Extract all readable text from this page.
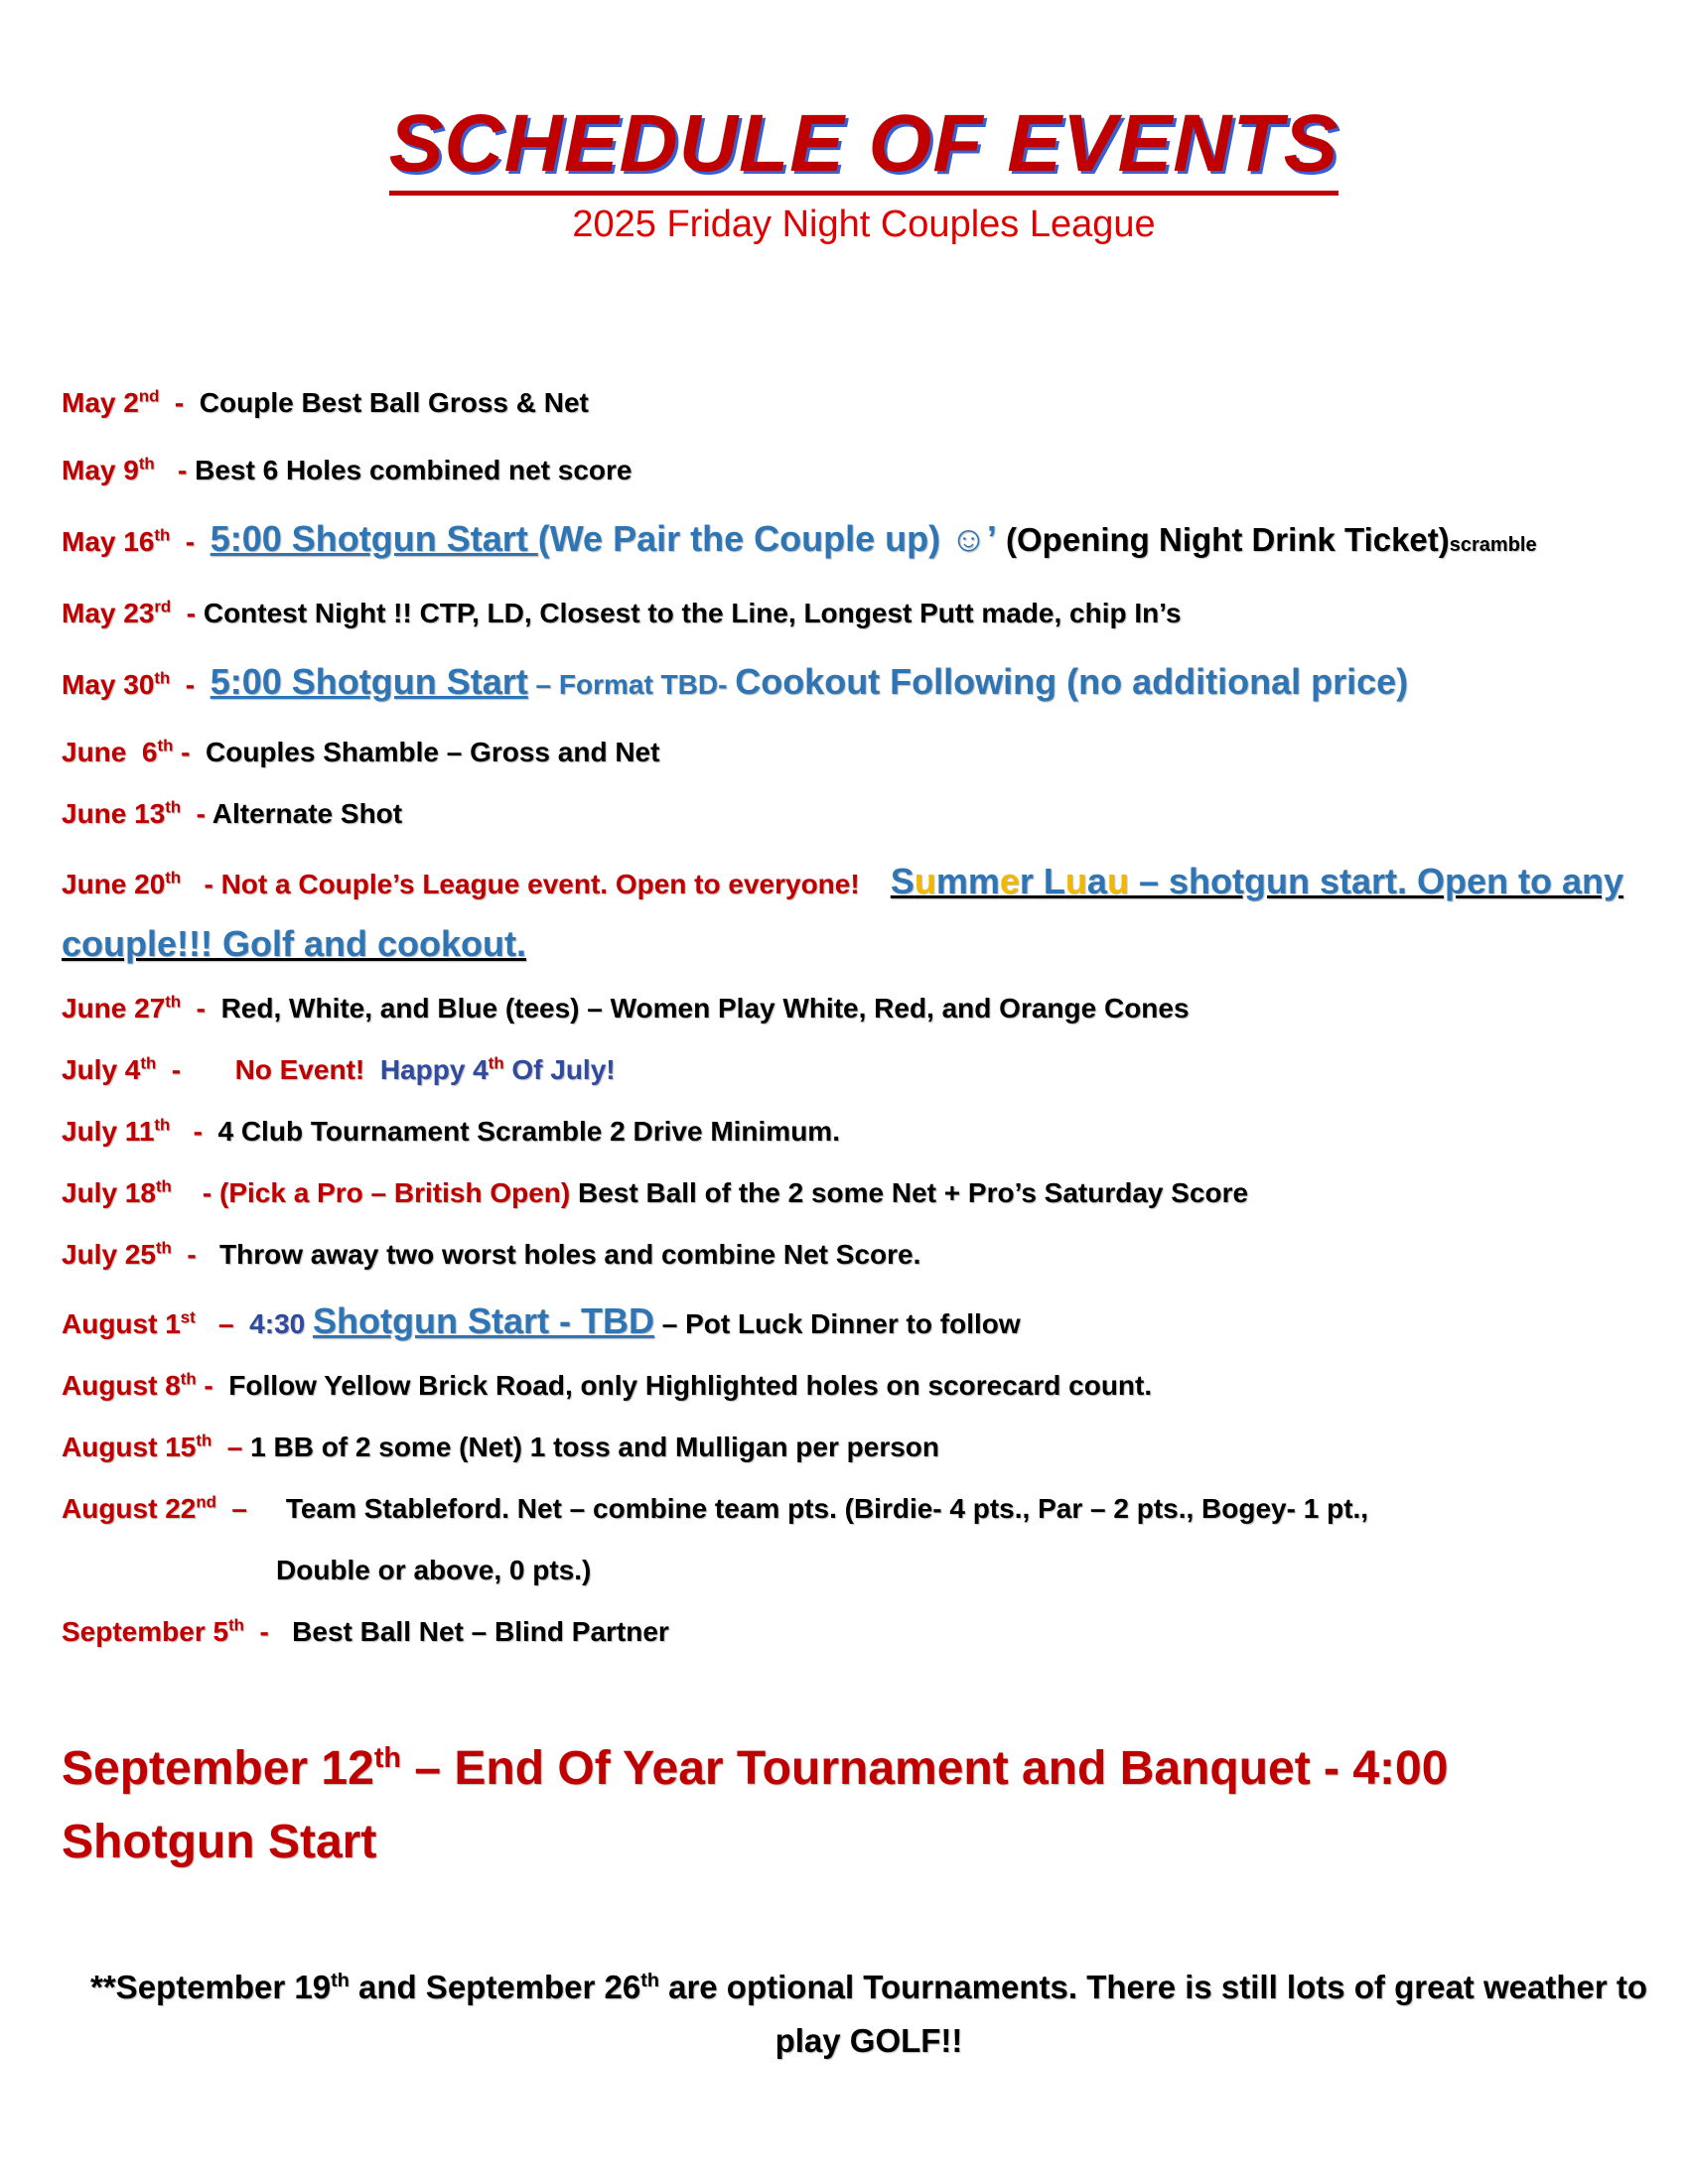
SCHEDULE OF EVENTS
2025 Friday Night Couples League
May 2nd  -  Couple Best Ball Gross & Net
May 9th   - Best 6 Holes combined net score
May 16th  -  5:00 Shotgun Start (We Pair the Couple up) ☺’ (Opening Night Drink Ticket)scramble
May 23rd  - Contest Night !! CTP, LD, Closest to the Line, Longest Putt made, chip In’s
May 30th  -  5:00 Shotgun Start – Format TBD- Cookout Following (no additional price)
June  6th -  Couples Shamble – Gross and Net
June 13th  - Alternate Shot
June 20th   - Not a Couple’s League event. Open to everyone! Summer Luau – shotgun start. Open to any couple!!! Golf and cookout.
June 27th  -  Red, White, and Blue (tees) – Women Play White, Red, and Orange Cones
July 4th  -       No Event!  Happy 4th Of July!
July 11th   -  4 Club Tournament Scramble 2 Drive Minimum.
July 18th    - (Pick a Pro – British Open) Best Ball of the 2 some Net + Pro’s Saturday Score
July 25th  -   Throw away two worst holes and combine Net Score.
August 1st   –  4:30 Shotgun Start - TBD – Pot Luck Dinner to follow
August 8th -  Follow Yellow Brick Road, only Highlighted holes on scorecard count.
August 15th  – 1 BB of 2 some (Net) 1 toss and Mulligan per person
August 22nd  –     Team Stableford. Net – combine team pts. (Birdie- 4 pts., Par – 2 pts., Bogey- 1 pt.,
Double or above, 0 pts.)
September 5th  -   Best Ball Net – Blind Partner
September 12th – End Of Year Tournament and Banquet - 4:00 Shotgun Start
**September 19th and September 26th are optional Tournaments. There is still lots of great weather to play GOLF!!
